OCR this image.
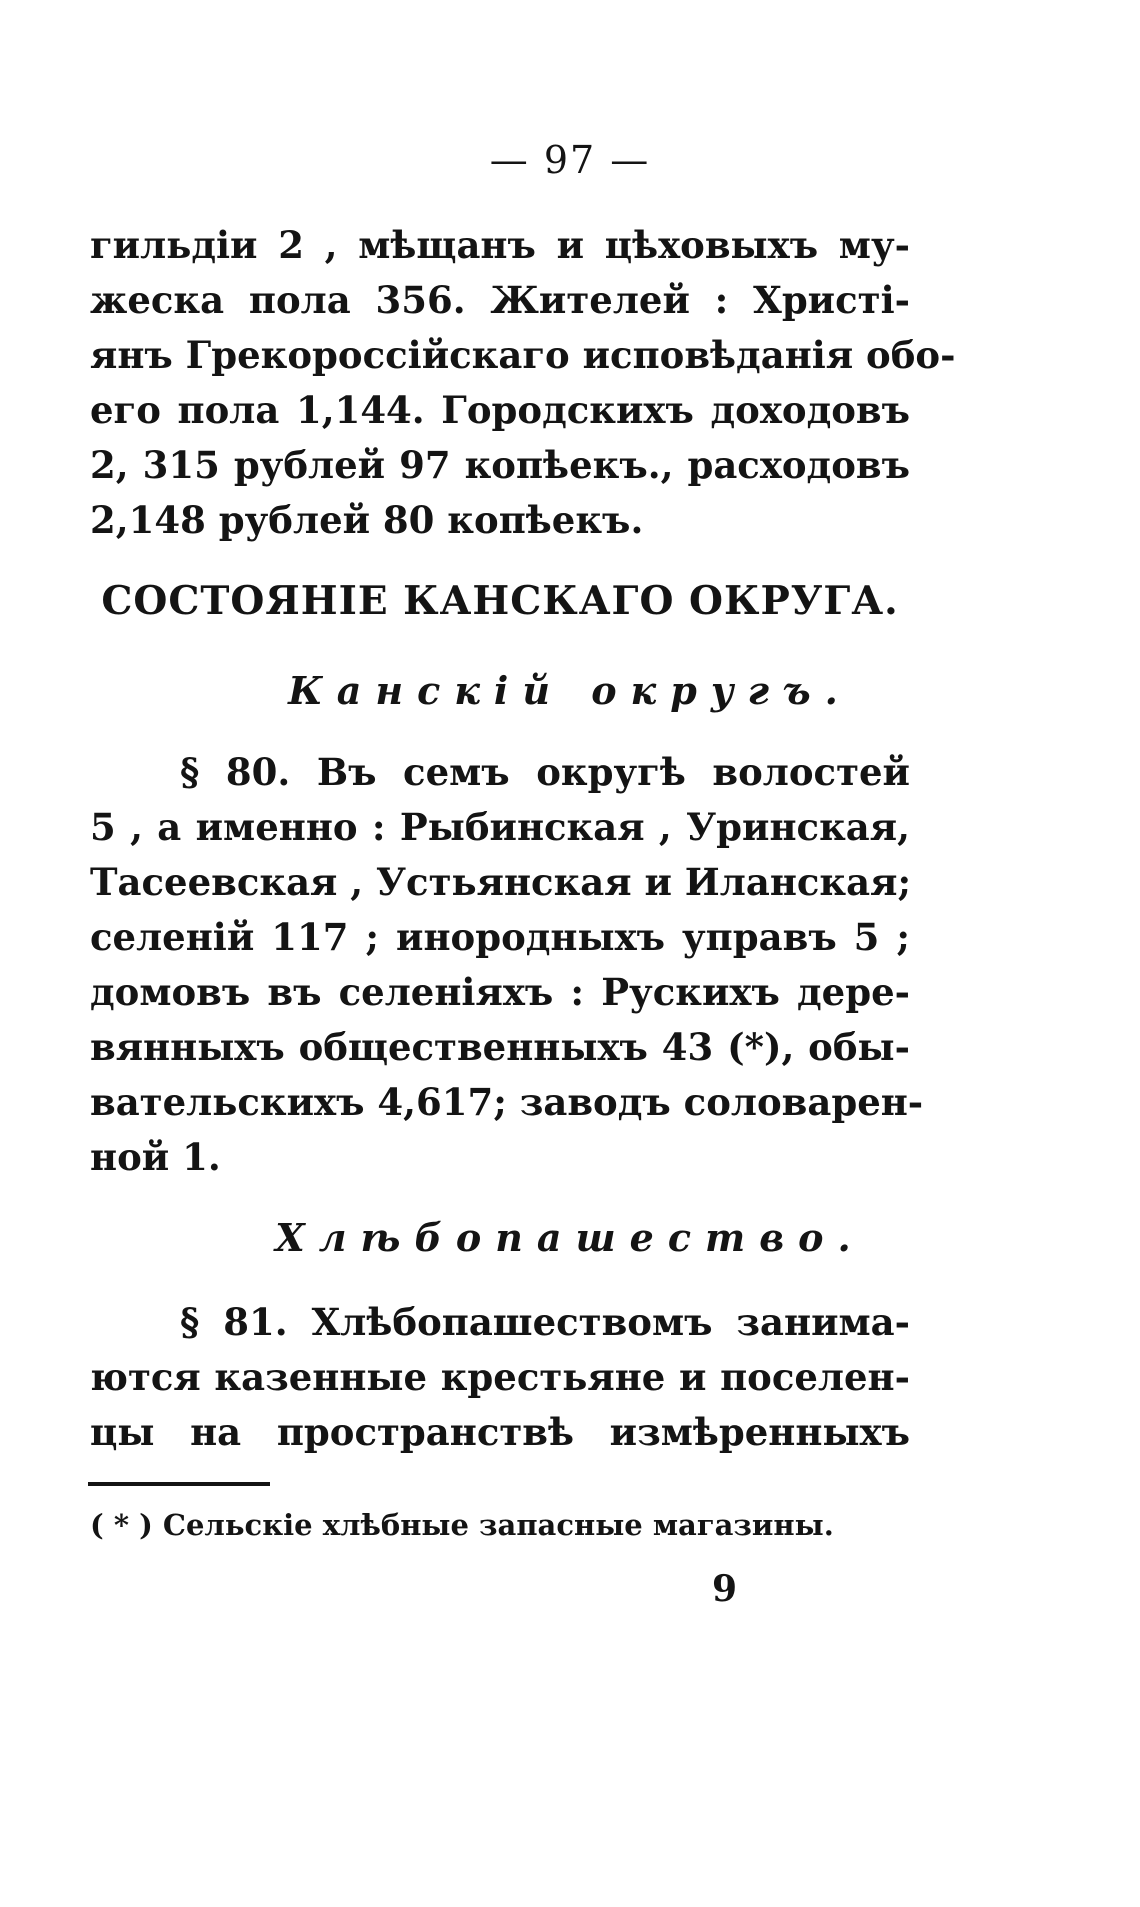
— 97 —
гильдіи 2 , мѣщанъ и цѣховыхъ му-
жеска пола 356. Жителей : Христі-
янъ Грекороссійскаго исповѣданія обо-
его пола 1,144. Городскихъ доходовъ
2, 315 рублей 97 копѣекъ., расходовъ
2,148 рублей 80 копѣекъ.
СОСТОЯНІЕ КАНСКАГО ОКРУГА.
Канскій округъ.
§ 80. Въ семъ округѣ волостей
5 , а именно : Рыбинская , Уринская,
Тасеевская , Устьянская и Иланская;
селеній 117 ; инородныхъ управъ 5 ;
домовъ въ селеніяхъ : Рускихъ дере-
вянныхъ общественныхъ 43 (*), обы-
вательскихъ 4,617; заводъ соловарен-
ной 1.
Хлѣбопашество.
§ 81. Хлѣбопашествомъ занима-
ются казенные крестьяне и поселен-
цы на пространствѣ измѣренныхъ
( * ) Сельскіе хлѣбные запасные магазины.
9
